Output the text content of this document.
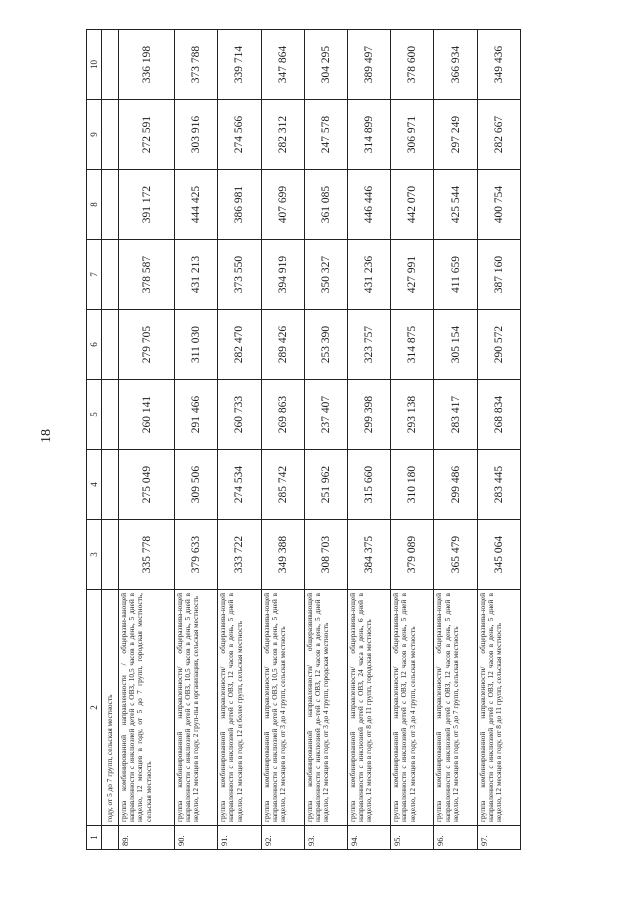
18
1	2	3	4	5	6	7	8	9	10
	году, от 5 до 7 групп, сельская местность								
89.	группа комбинированной направленности / общеразви-вающей направленности с инклюзией детей с ОВЗ, 10,5 часов в день, 5 дней в неделю, 12 месяцев в году, от 5 до 7 групп, городская местность, сельская местность	335 778	275 049	260 141	279 705	378 587	391 172	272 591	336 198
90.	группа комбинированной направленности/ общеразвива-ющей направленности с инклюзией детей с ОВЗ, 10,5 часов в день, 5 дней в неделю, 12 месяцев в году, 2 груп-пы в организации, сельская местность	379 633	309 506	291 466	311 030	431 213	444 425	303 916	373 788
91.	группа комбинированной направленности/ общеразвива-ющей направленности с инклюзией детей с ОВЗ, 12 часов в день, 5 дней в неделю, 12 месяцев в году, 12 и более групп, сельская местность	333 722	274 534	260 733	282 470	373 550	386 981	274 566	339 714
92.	группа комбинированной направленности/ общеразвива-ющей направленности с инклюзией детей с ОВЗ, 10,5 часов в день, 5 дней в неделю, 12 месяцев в году, от 3 до 4 групп, сельская местность	349 388	285 742	269 863	289 426	394 919	407 699	282 312	347 864
93.	группа комбинированной направленности/ общеразвивающей направленности с инклюзией де-тей с ОВЗ, 12 часов в день, 5 дней в неделю, 12 месяцев в году, от 3 до 4 групп, городская местность	308 703	251 962	237 407	253 390	350 327	361 085	247 578	304 295
94.	группа комбинированной направленности/ общеразвива-ющей направленности с инклюзией детей с ОВЗ, 24 часа в день, 6 дней в неделю, 12 месяцев в году, от 8 до 11 групп, городская местность	384 375	315 660	299 398	323 757	431 236	446 446	314 899	389 497
95.	группа комбинированной направленности/ общеразвива-ющей направленности с инклюзией детей с ОВЗ, 12 часов в день, 5 дней в неделю, 12 месяцев в году, от 3 до 4 групп, сельская местность	379 089	310 180	293 138	314 875	427 991	442 070	306 971	378 600
96.	группа комбинированной направленности/ общеразвива-ющей направленности с инклюзией детей с ОВЗ, 12 часов в день, 5 дней в неделю, 12 месяцев в году, от 5 до 7 групп, сельская местность	365 479	299 486	283 417	305 154	411 659	425 544	297 249	366 934
97.	группа комбинированной направленности/ общеразвива-ющей направленности с инклюзией детей с ОВЗ, 12 часов в день, 5 дней в неделю, 12 месяцев в году, от 8 до 11 групп, сельская местность	345 064	283 445	268 834	290 572	387 160	400 754	282 667	349 436
